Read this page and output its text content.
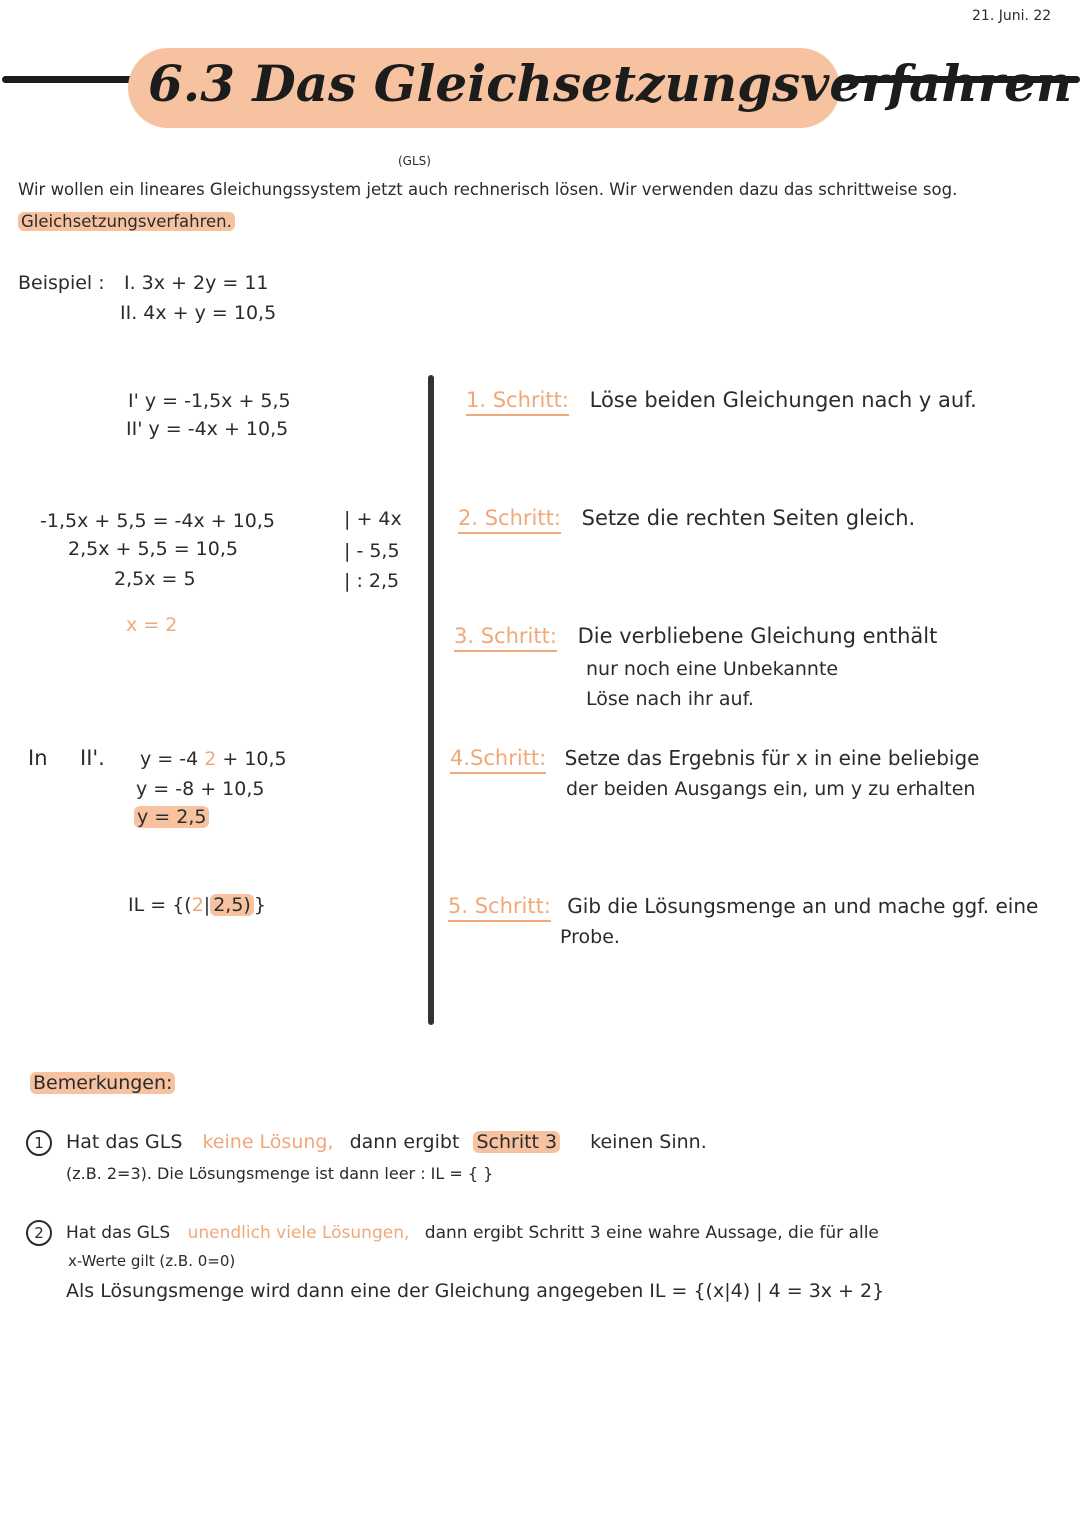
21. Juni. 22
6.3 Das Gleichsetzungsverfahren
(GLS)
Wir wollen ein lineares Gleichungssystem jetzt auch rechnerisch lösen. Wir verwenden dazu das schrittweise sog.
Gleichsetzungsverfahren.
Beispiel : I. 3x + 2y = 11
II. 4x + y = 10,5
I' y = -1,5x + 5,5
II' y = -4x + 10,5
-1,5x + 5,5 = -4x + 10,5
2,5x + 5,5 = 10,5
2,5x = 5
| + 4x
| - 5,5
| : 2,5
x = 2
In II'. y = -4 2 + 10,5
y = -8 + 10,5
y = 2,5
IL = {(2| 2,5) }
1. Schritt: Löse beiden Gleichungen nach y auf.
2. Schritt: Setze die rechten Seiten gleich.
3. Schritt: Die verbliebene Gleichung enthält
nur noch eine Unbekannte
Löse nach ihr auf.
4.Schritt: Setze das Ergebnis für x in eine beliebige
der beiden Ausgangs ein, um y zu erhalten
5. Schritt: Gib die Lösungsmenge an und mache ggf. eine
Probe.
Bemerkungen:
1 Hat das GLS keine Lösung, dann ergibt Schritt 3 keinen Sinn.
(z.B. 2=3). Die Lösungsmenge ist dann leer : IL = { }
2 Hat das GLS unendlich viele Lösungen, dann ergibt Schritt 3 eine wahre Aussage, die für alle
x-Werte gilt (z.B. 0=0)
Als Lösungsmenge wird dann eine der Gleichung angegeben IL = {(x|4) | 4 = 3x + 2}
